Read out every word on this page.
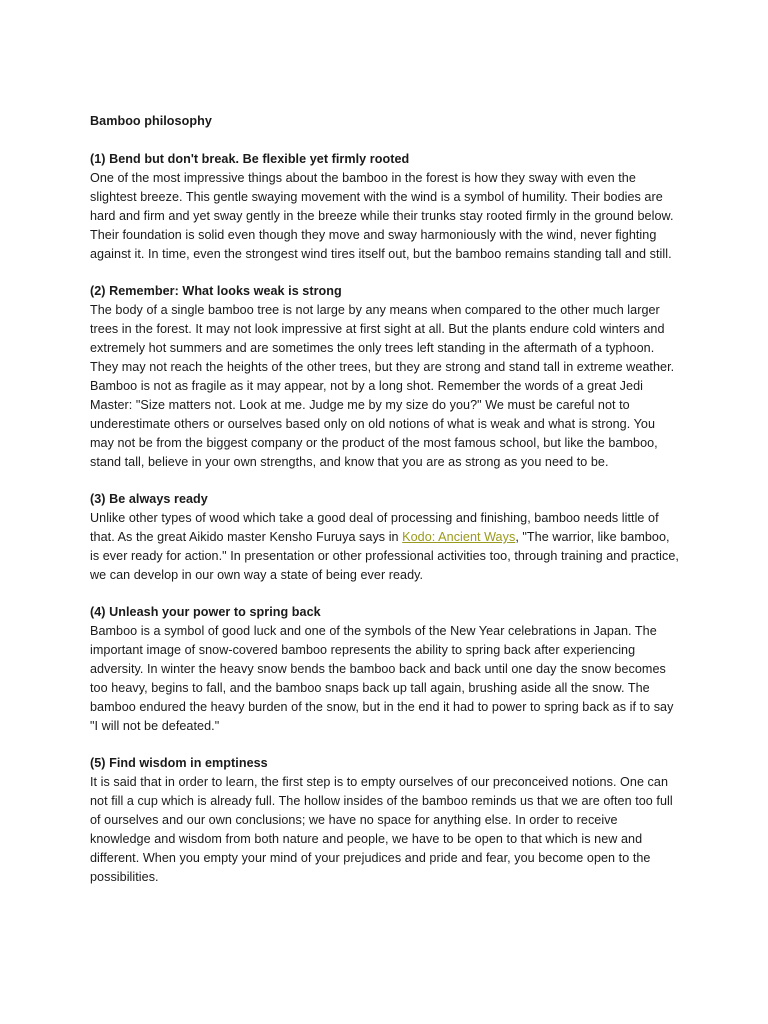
Bamboo philosophy

(1) Bend but don't break. Be flexible yet firmly rooted

One of the most impressive things about the bamboo in the forest is how they sway with even the slightest breeze. This gentle swaying movement with the wind is a symbol of humility. Their bodies are hard and firm and yet sway gently in the breeze while their trunks stay rooted firmly in the ground below. Their foundation is solid even though they move and sway harmoniously with the wind, never fighting against it. In time, even the strongest wind tires itself out, but the bamboo remains standing tall and still.

(2) Remember: What looks weak is strong

The body of a single bamboo tree is not large by any means when compared to the other much larger trees in the forest. It may not look impressive at first sight at all. But the plants endure cold winters and extremely hot summers and are sometimes the only trees left standing in the aftermath of a typhoon. They may not reach the heights of the other trees, but they are strong and stand tall in extreme weather. Bamboo is not as fragile as it may appear, not by a long shot. Remember the words of a great Jedi Master: "Size matters not. Look at me. Judge me by my size do you?" We must be careful not to underestimate others or ourselves based only on old notions of what is weak and what is strong. You may not be from the biggest company or the product of the most famous school, but like the bamboo, stand tall, believe in your own strengths, and know that you are as strong as you need to be.

(3) Be always ready

Unlike other types of wood which take a good deal of processing and finishing, bamboo needs little of that. As the great Aikido master Kensho Furuya says in Kodo: Ancient Ways, "The warrior, like bamboo, is ever ready for action." In presentation or other professional activities too, through training and practice, we can develop in our own way a state of being ever ready.

(4) Unleash your power to spring back

Bamboo is a symbol of good luck and one of the symbols of the New Year celebrations in Japan. The important image of snow-covered bamboo represents the ability to spring back after experiencing adversity. In winter the heavy snow bends the bamboo back and back until one day the snow becomes too heavy, begins to fall, and the bamboo snaps back up tall again, brushing aside all the snow. The bamboo endured the heavy burden of the snow, but in the end it had to power to spring back as if to say "I will not be defeated."

(5) Find wisdom in emptiness

It is said that in order to learn, the first step is to empty ourselves of our preconceived notions. One can not fill a cup which is already full. The hollow insides of the bamboo reminds us that we are often too full of ourselves and our own conclusions; we have no space for anything else. In order to receive knowledge and wisdom from both nature and people, we have to be open to that which is new and different. When you empty your mind of your prejudices and pride and fear, you become open to the possibilities.
